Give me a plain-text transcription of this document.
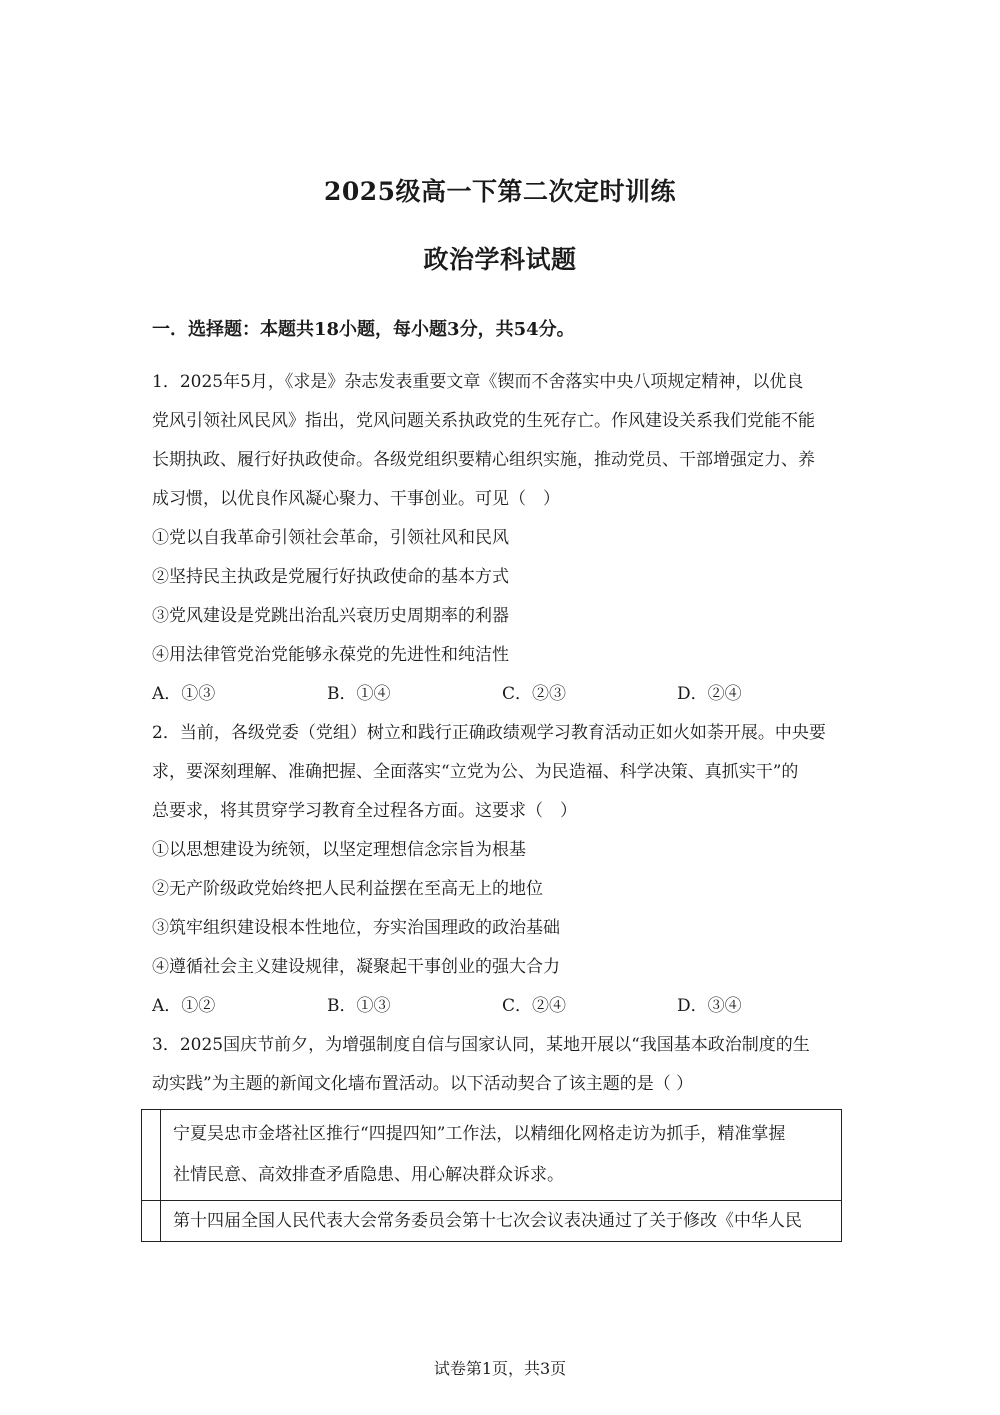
2025级高一下第二次定时训练
政治学科试题
一．选择题：本题共18小题，每小题3分，共54分。
1．2025年5月，《求是》杂志发表重要文章《锲而不舍落实中央八项规定精神，以优良
党风引领社风民风》指出，党风问题关系执政党的生死存亡。作风建设关系我们党能不能
长期执政、履行好执政使命。各级党组织要精心组织实施，推动党员、干部增强定力、养
成习惯，以优良作风凝心聚力、干事创业。可见（　）
①党以自我革命引领社会革命，引领社风和民风
②坚持民主执政是党履行好执政使命的基本方式
③党风建设是党跳出治乱兴衰历史周期率的利器
④用法律管党治党能够永葆党的先进性和纯洁性
A．①③	B．①④	C．②③	D．②④
2．当前，各级党委（党组）树立和践行正确政绩观学习教育活动正如火如荼开展。中央要
求，要深刻理解、准确把握、全面落实“立党为公、为民造福、科学决策、真抓实干”的
总要求，将其贯穿学习教育全过程各方面。这要求（　）
①以思想建设为统领，以坚定理想信念宗旨为根基
②无产阶级政党始终把人民利益摆在至高无上的地位
③筑牢组织建设根本性地位，夯实治国理政的政治基础
④遵循社会主义建设规律，凝聚起干事创业的强大合力
A．①②	B．①③	C．②④	D．③④
3．2025国庆节前夕，为增强制度自信与国家认同，某地开展以“我国基本政治制度的生
动实践”为主题的新闻文化墙布置活动。以下活动契合了该主题的是（ ）
宁夏吴忠市金塔社区推行“四提四知”工作法，以精细化网格走访为抓手，精准掌握
社情民意、高效排查矛盾隐患、用心解决群众诉求。
第十四届全国人民代表大会常务委员会第十七次会议表决通过了关于修改《中华人民
试卷第1页，共3页
